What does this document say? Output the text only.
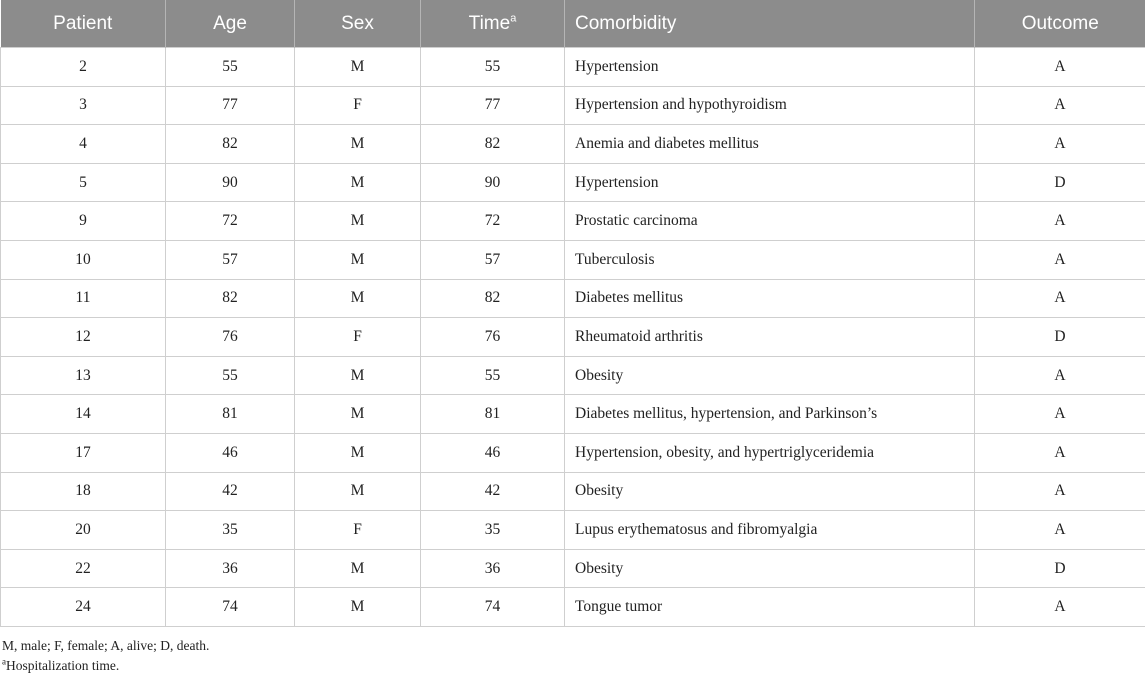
Patient	Age	Sex	Time$^a$	Comorbidity	Outcome
2	55	M	55	Hypertension	A
3	77	F	77	Hypertension and hypothyroidism	A
4	82	M	82	Anemia and diabetes mellitus	A
5	90	M	90	Hypertension	D
9	72	M	72	Prostatic carcinoma	A
10	57	M	57	Tuberculosis	A
11	82	M	82	Diabetes mellitus	A
12	76	F	76	Rheumatoid arthritis	D
13	55	M	55	Obesity	A
14	81	M	81	Diabetes mellitus, hypertension, and Parkinson’s	A
17	46	M	46	Hypertension, obesity, and hypertriglyceridemia	A
18	42	M	42	Obesity	A
20	35	F	35	Lupus erythematosus and fibromyalgia	A
22	36	M	36	Obesity	D
24	74	M	74	Tongue tumor	A
M, male; F, female; A, alive; D, death.
$^a$Hospitalization time.
